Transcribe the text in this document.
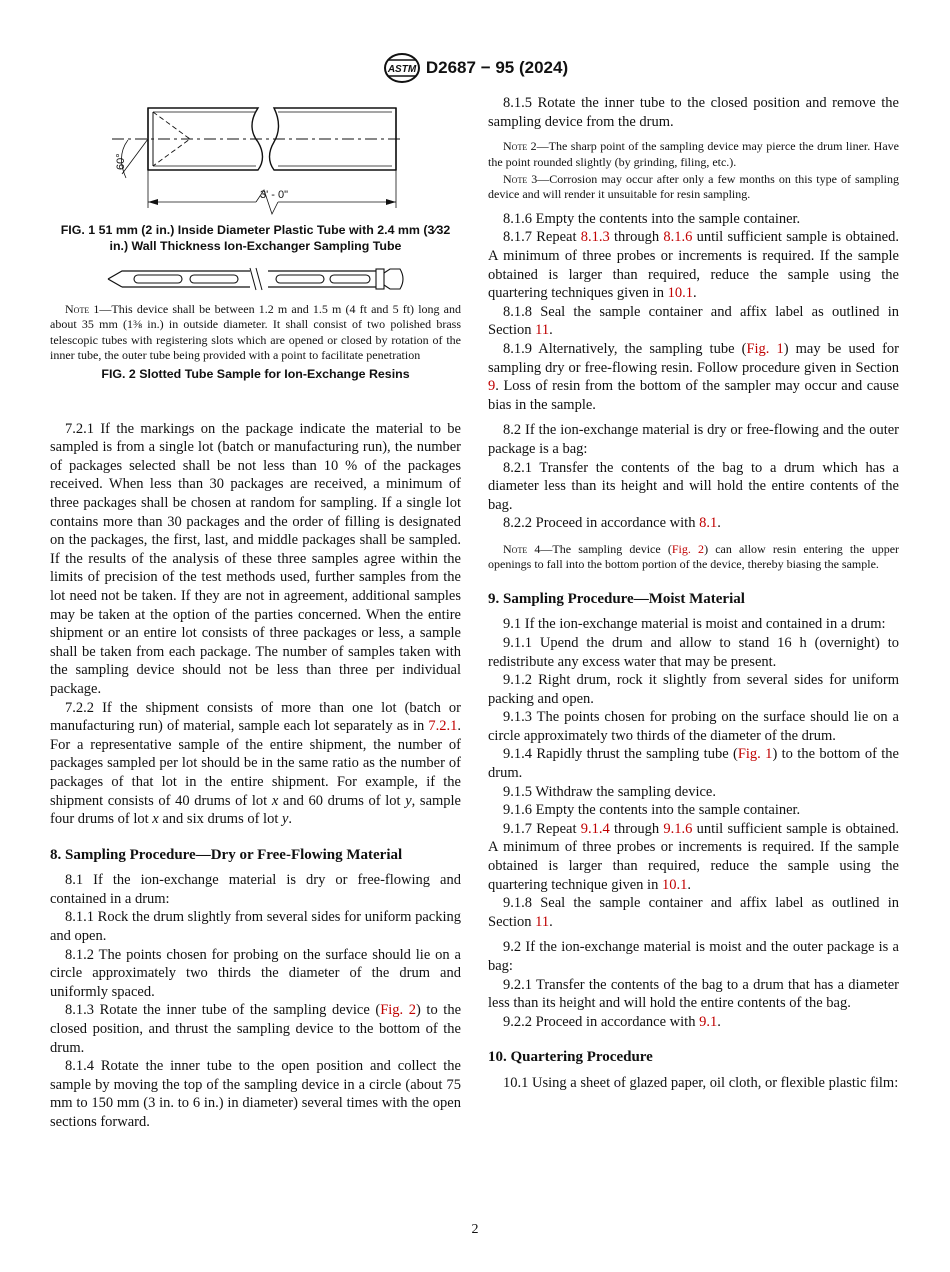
ASTM D2687 − 95 (2024)
60°
3' - 0"

FIG. 1 51 mm (2 in.) Inside Diameter Plastic Tube with 2.4 mm (3⁄32 in.) Wall Thickness Ion-Exchanger Sampling Tube

Note 1—This device shall be between 1.2 m and 1.5 m (4 ft and 5 ft) long and about 35 mm (1⅜ in.) in outside diameter. It shall consist of two polished brass telescopic tubes with registering slots which are opened or closed by rotation of the inner tube, the outer tube being provided with a point to facilitate penetration

FIG. 2 Slotted Tube Sample for Ion-Exchange Resins

7.2.1 If the markings on the package indicate the material to be sampled is from a single lot (batch or manufacturing run), the number of packages selected shall be not less than 10 % of the packages received. When less than 30 packages are received, a minimum of three packages shall be chosen at random for sampling. If a single lot contains more than 30 packages and the order of filling is designated on the packages, the first, last, and middle packages shall be sampled. If the results of the analysis of these three samples agree within the limits of precision of the test methods used, further samples from the lot need not be taken. If they are not in agreement, additional samples may be taken at the option of the parties concerned. When the entire shipment or an entire lot consists of three packages or less, a sample shall be taken from each package. The number of samples taken with the sampling device should not be less than three per individual package.

7.2.2 If the shipment consists of more than one lot (batch or manufacturing run) of material, sample each lot separately as in 7.2.1. For a representative sample of the entire shipment, the number of packages sampled per lot should be in the same ratio as the number of packages of that lot in the entire shipment. For example, if the shipment consists of 40 drums of lot x and 60 drums of lot y, sample four drums of lot x and six drums of lot y.

8. Sampling Procedure—Dry or Free-Flowing Material

8.1 If the ion-exchange material is dry or free-flowing and contained in a drum:

8.1.1 Rock the drum slightly from several sides for uniform packing and open.

8.1.2 The points chosen for probing on the surface should lie on a circle approximately two thirds the diameter of the drum and uniformly spaced.

8.1.3 Rotate the inner tube of the sampling device (Fig. 2) to the closed position, and thrust the sampling device to the bottom of the drum.

8.1.4 Rotate the inner tube to the open position and collect the sample by moving the top of the sampling device in a circle (about 75 mm to 150 mm (3 in. to 6 in.) in diameter) several times with the open sections forward.

8.1.5 Rotate the inner tube to the closed position and remove the sampling device from the drum.

Note 2—The sharp point of the sampling device may pierce the drum liner. Have the point rounded slightly (by grinding, filing, etc.).

Note 3—Corrosion may occur after only a few months on this type of sampling device and will render it unsuitable for resin sampling.

8.1.6 Empty the contents into the sample container.

8.1.7 Repeat 8.1.3 through 8.1.6 until sufficient sample is obtained. A minimum of three probes or increments is required. If the sample obtained is larger than required, reduce the sample using the quartering techniques given in 10.1.

8.1.8 Seal the sample container and affix label as outlined in Section 11.

8.1.9 Alternatively, the sampling tube (Fig. 1) may be used for sampling dry or free-flowing resin. Follow procedure given in Section 9. Loss of resin from the bottom of the sampler may occur and cause bias in the sample.

8.2 If the ion-exchange material is dry or free-flowing and the outer package is a bag:

8.2.1 Transfer the contents of the bag to a drum which has a diameter less than its height and will hold the entire contents of the bag.

8.2.2 Proceed in accordance with 8.1.

Note 4—The sampling device (Fig. 2) can allow resin entering the upper openings to fall into the bottom portion of the device, thereby biasing the sample.

9. Sampling Procedure—Moist Material

9.1 If the ion-exchange material is moist and contained in a drum:

9.1.1 Upend the drum and allow to stand 16 h (overnight) to redistribute any excess water that may be present.

9.1.2 Right drum, rock it slightly from several sides for uniform packing and open.

9.1.3 The points chosen for probing on the surface should lie on a circle approximately two thirds of the diameter of the drum.

9.1.4 Rapidly thrust the sampling tube (Fig. 1) to the bottom of the drum.

9.1.5 Withdraw the sampling device.

9.1.6 Empty the contents into the sample container.

9.1.7 Repeat 9.1.4 through 9.1.6 until sufficient sample is obtained. A minimum of three probes or increments is required. If the sample obtained is larger than required, reduce the sample using the quartering technique given in 10.1.

9.1.8 Seal the sample container and affix label as outlined in Section 11.

9.2 If the ion-exchange material is moist and the outer package is a bag:

9.2.1 Transfer the contents of the bag to a drum that has a diameter less than its height and will hold the entire contents of the bag.

9.2.2 Proceed in accordance with 9.1.

10. Quartering Procedure

10.1 Using a sheet of glazed paper, oil cloth, or flexible plastic film:

2
